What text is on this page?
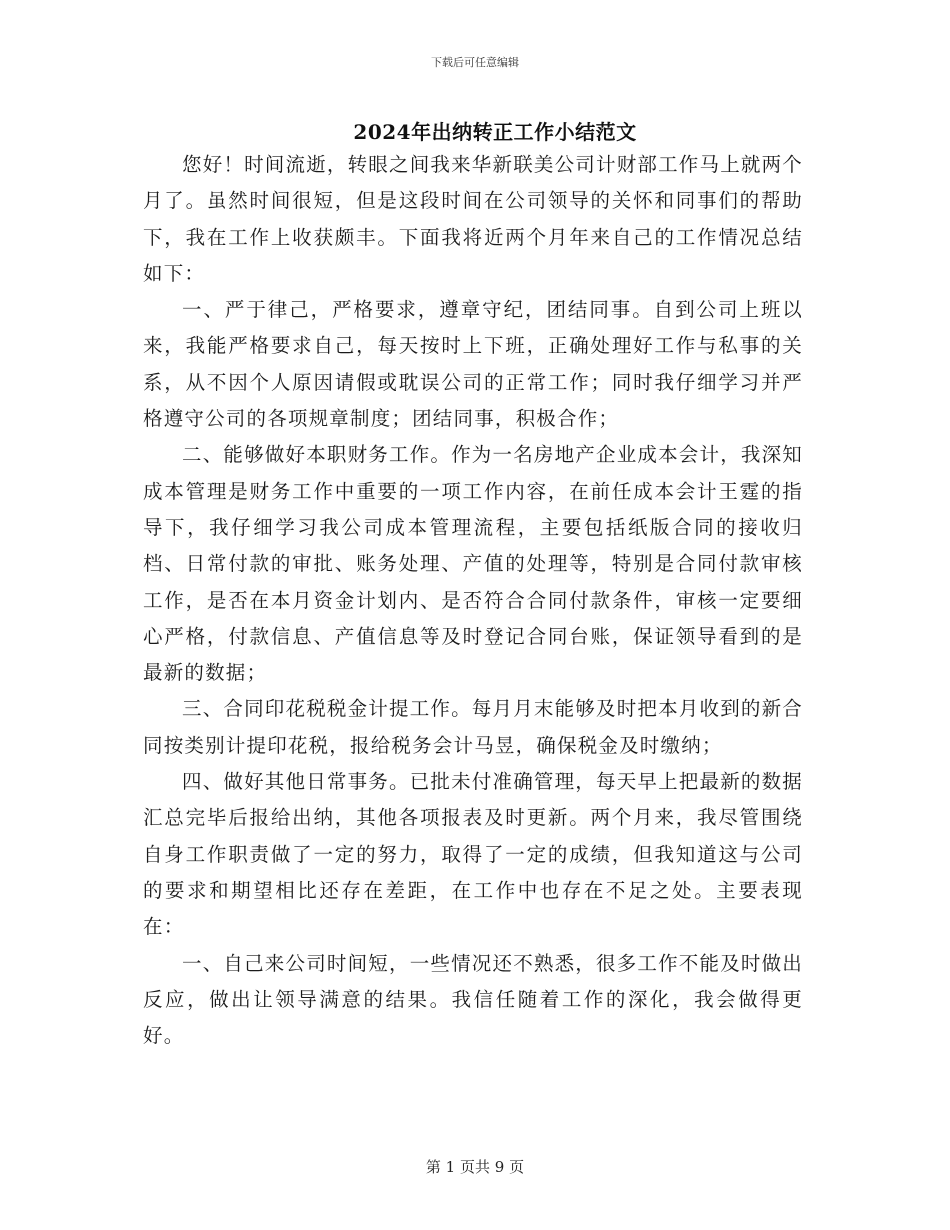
下载后可任意编辑
2024年出纳转正工作小结范文

您好！时间流逝，转眼之间我来华新联美公司计财部工作马上就两个月了。虽然时间很短，但是这段时间在公司领导的关怀和同事们的帮助下，我在工作上收获颇丰。下面我将近两个月年来自己的工作情况总结如下：

一、严于律己，严格要求，遵章守纪，团结同事。自到公司上班以来，我能严格要求自己，每天按时上下班，正确处理好工作与私事的关系，从不因个人原因请假或耽误公司的正常工作；同时我仔细学习并严格遵守公司的各项规章制度；团结同事，积极合作；

二、能够做好本职财务工作。作为一名房地产企业成本会计，我深知成本管理是财务工作中重要的一项工作内容，在前任成本会计王霆的指导下，我仔细学习我公司成本管理流程，主要包括纸版合同的接收归档、日常付款的审批、账务处理、产值的处理等，特别是合同付款审核工作，是否在本月资金计划内、是否符合合同付款条件，审核一定要细心严格，付款信息、产值信息等及时登记合同台账，保证领导看到的是最新的数据；

三、合同印花税税金计提工作。每月月末能够及时把本月收到的新合同按类别计提印花税，报给税务会计马昱，确保税金及时缴纳；

四、做好其他日常事务。已批未付准确管理，每天早上把最新的数据汇总完毕后报给出纳，其他各项报表及时更新。两个月来，我尽管围绕自身工作职责做了一定的努力，取得了一定的成绩，但我知道这与公司的要求和期望相比还存在差距，在工作中也存在不足之处。主要表现在：

一、自己来公司时间短，一些情况还不熟悉，很多工作不能及时做出反应，做出让领导满意的结果。我信任随着工作的深化，我会做得更好。

第 1 页共 9 页
